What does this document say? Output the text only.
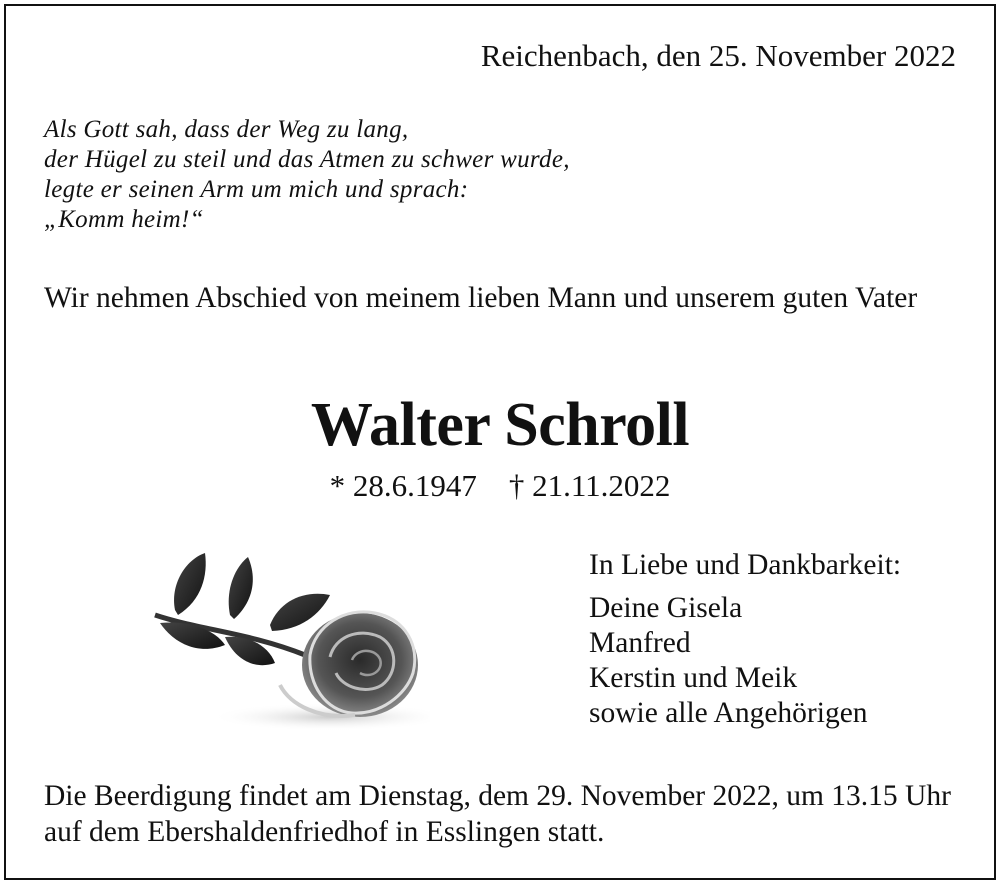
Reichenbach, den 25. November 2022
Als Gott sah, dass der Weg zu lang,
der Hügel zu steil und das Atmen zu schwer wurde,
legte er seinen Arm um mich und sprach:
„Komm heim!“
Wir nehmen Abschied von meinem lieben Mann und unserem guten Vater
Walter Schroll
* 28.6.1947 † 21.11.2022
In Liebe und Dankbarkeit:
Deine Gisela
Manfred
Kerstin und Meik
sowie alle Angehörigen
Die Beerdigung findet am Dienstag, dem 29. November 2022, um 13.15 Uhr auf dem Ebershaldenfriedhof in Esslingen statt.
